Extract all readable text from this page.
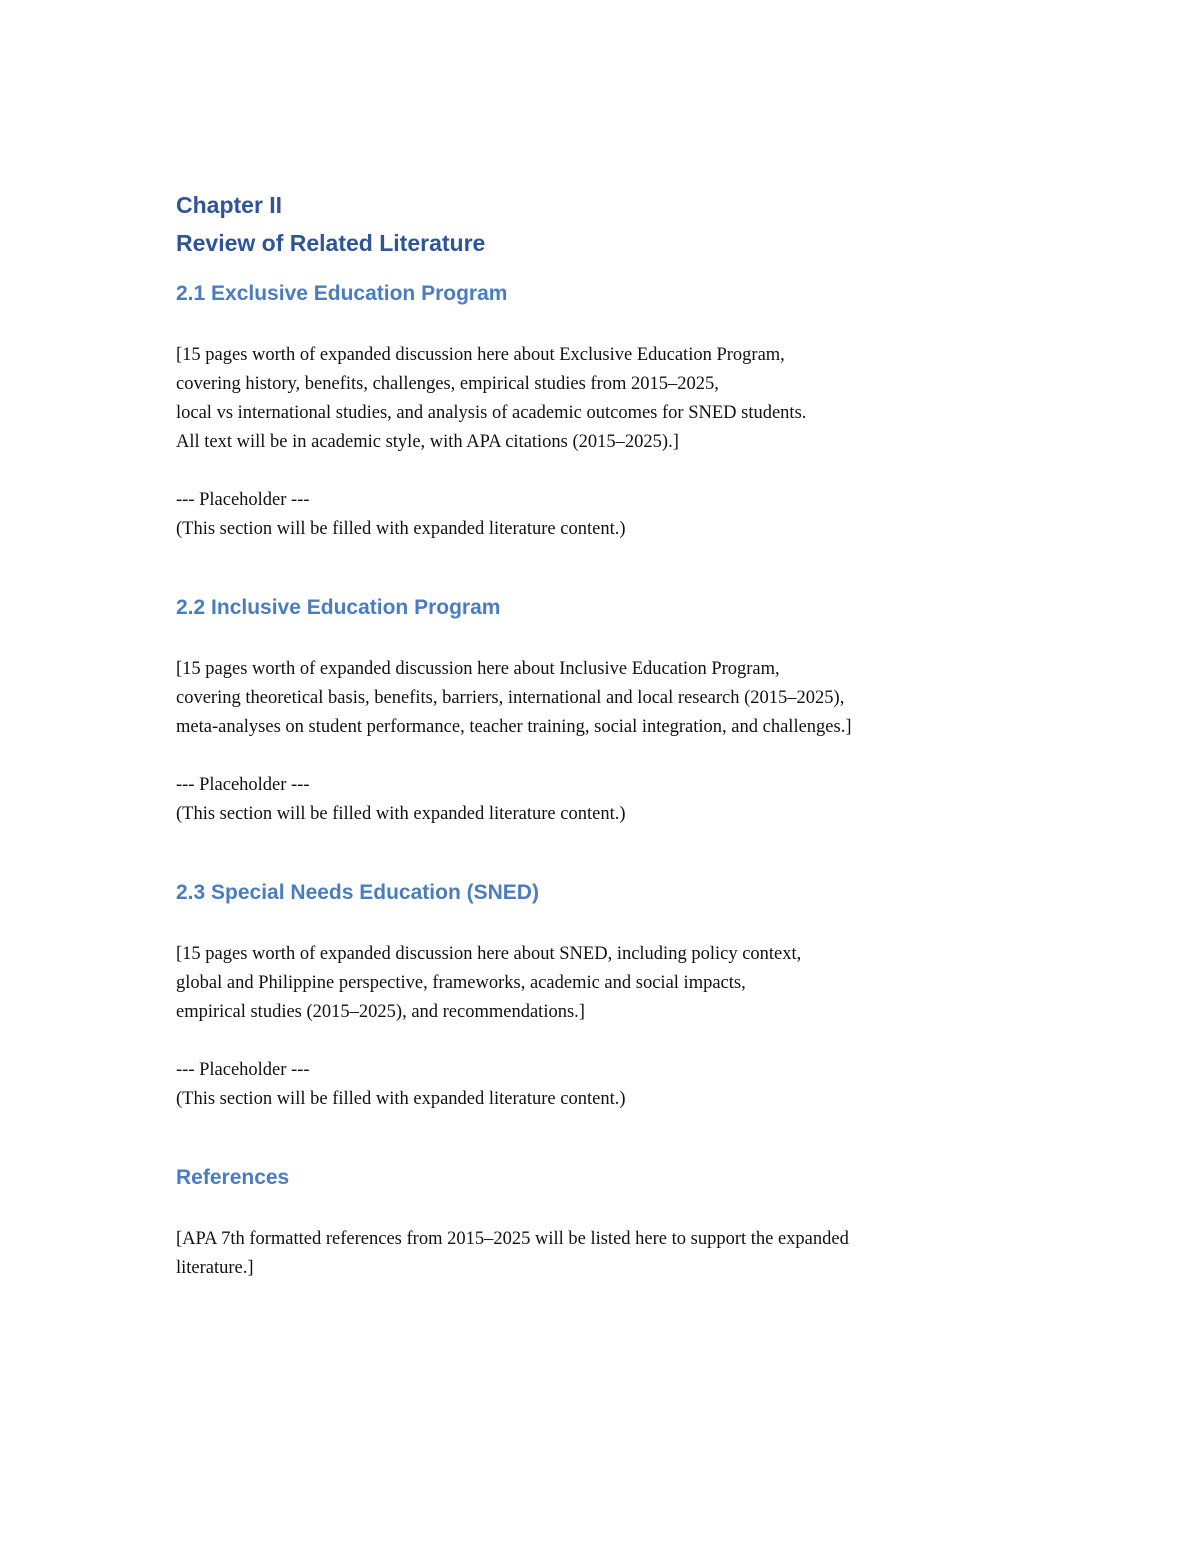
Chapter II
Review of Related Literature
2.1 Exclusive Education Program
[15 pages worth of expanded discussion here about Exclusive Education Program,
covering history, benefits, challenges, empirical studies from 2015–2025,
local vs international studies, and analysis of academic outcomes for SNED students.
All text will be in academic style, with APA citations (2015–2025).]
--- Placeholder ---
(This section will be filled with expanded literature content.)
2.2 Inclusive Education Program
[15 pages worth of expanded discussion here about Inclusive Education Program,
covering theoretical basis, benefits, barriers, international and local research (2015–2025),
meta-analyses on student performance, teacher training, social integration, and challenges.]
--- Placeholder ---
(This section will be filled with expanded literature content.)
2.3 Special Needs Education (SNED)
[15 pages worth of expanded discussion here about SNED, including policy context,
global and Philippine perspective, frameworks, academic and social impacts,
empirical studies (2015–2025), and recommendations.]
--- Placeholder ---
(This section will be filled with expanded literature content.)
References
[APA 7th formatted references from 2015–2025 will be listed here to support the expanded
literature.]
